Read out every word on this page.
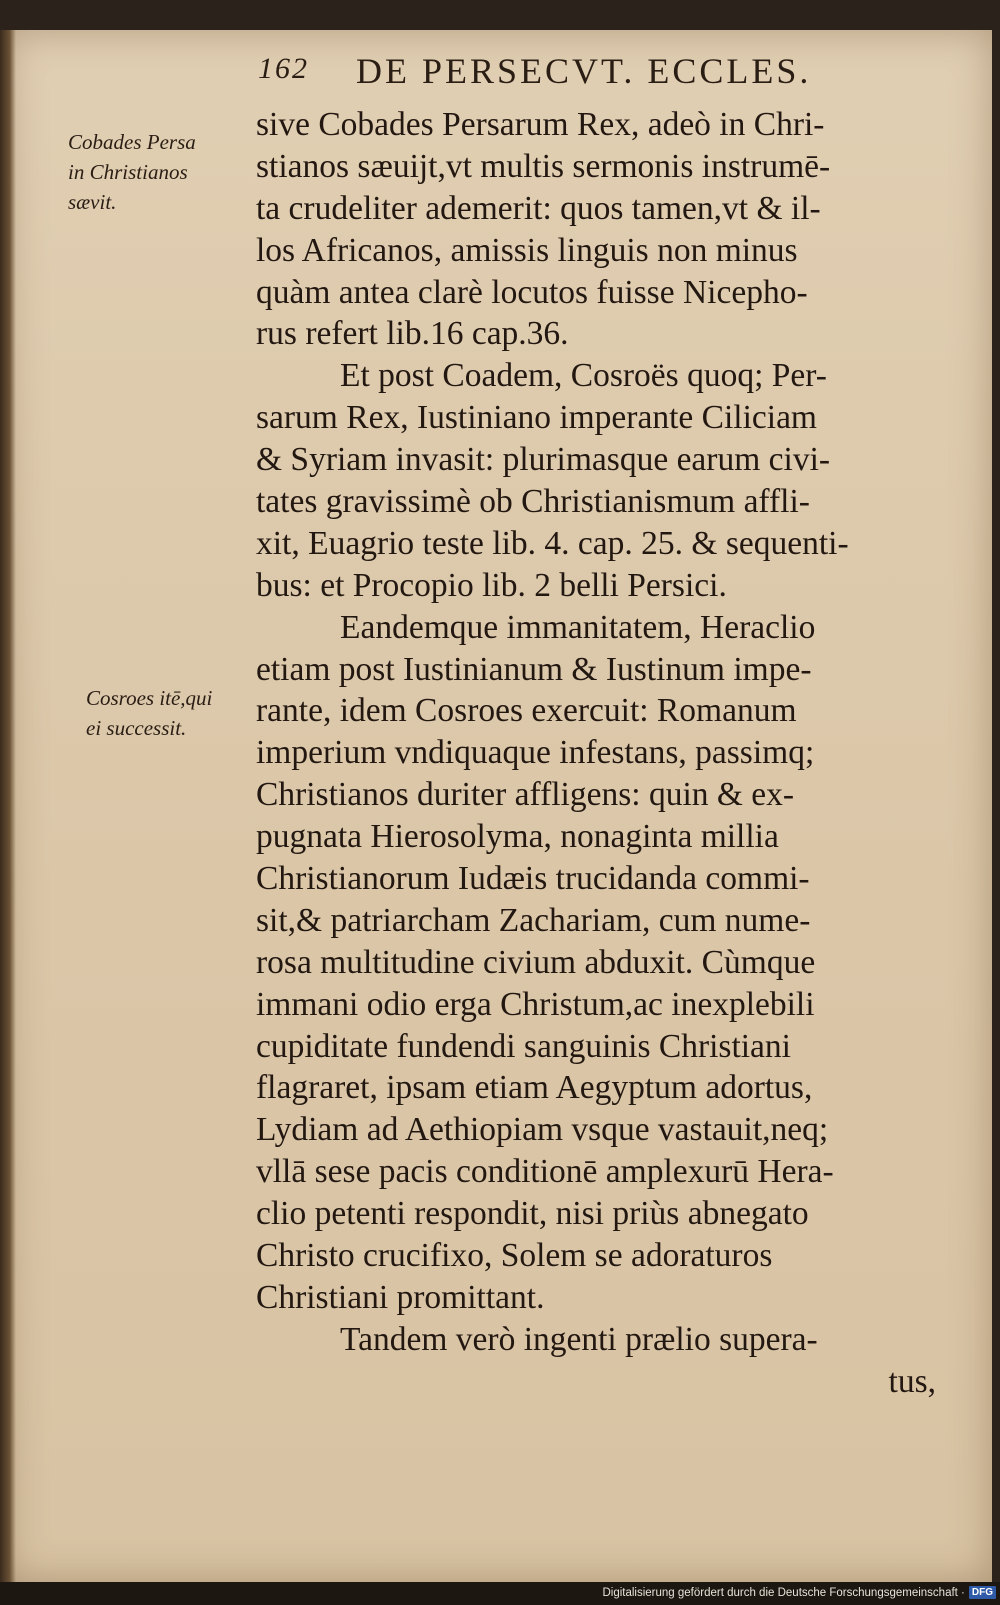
162 DE PERSECVT. ECCLES.
Cobades Persa
in Christianos
sævit.
Cosroes itē,qui
ei successit.
sive Cobades Persarum Rex, adeò in Chri-
stianos sæuijt,vt multis sermonis instrumē-
ta crudeliter ademerit: quos tamen,vt & il-
los Africanos, amissis linguis non minus
quàm antea clarè locutos fuisse Nicepho-
rus refert lib.16 cap.36.
Et post Coadem, Cosroës quoq; Per-
sarum Rex, Iustiniano imperante Ciliciam
& Syriam invasit: plurimasque earum civi-
tates gravissimè ob Christianismum affli-
xit, Euagrio teste lib. 4. cap. 25. & sequenti-
bus: et Procopio lib. 2 belli Persici.
Eandemque immanitatem, Heraclio
etiam post Iustinianum & Iustinum impe-
rante, idem Cosroes exercuit: Romanum
imperium vndiquaque infestans, passimq;
Christianos duriter affligens: quin & ex-
pugnata Hierosolyma, nonaginta millia
Christianorum Iudæis trucidanda commi-
sit,& patriarcham Zachariam, cum nume-
rosa multitudine civium abduxit. Cùmque
immani odio erga Christum,ac inexplebili
cupiditate fundendi sanguinis Christiani
flagraret, ipsam etiam Aegyptum adortus,
Lydiam ad Aethiopiam vsque vastauit,neq;
vllā sese pacis conditionē amplexurū Hera-
clio petenti respondit, nisi priùs abnegato
Christo crucifixo, Solem se adoraturos
Christiani promittant.
Tandem verò ingenti prælio supera-
tus,
Digitalisierung gefördert durch die Deutsche Forschungsgemeinschaft · DFG
